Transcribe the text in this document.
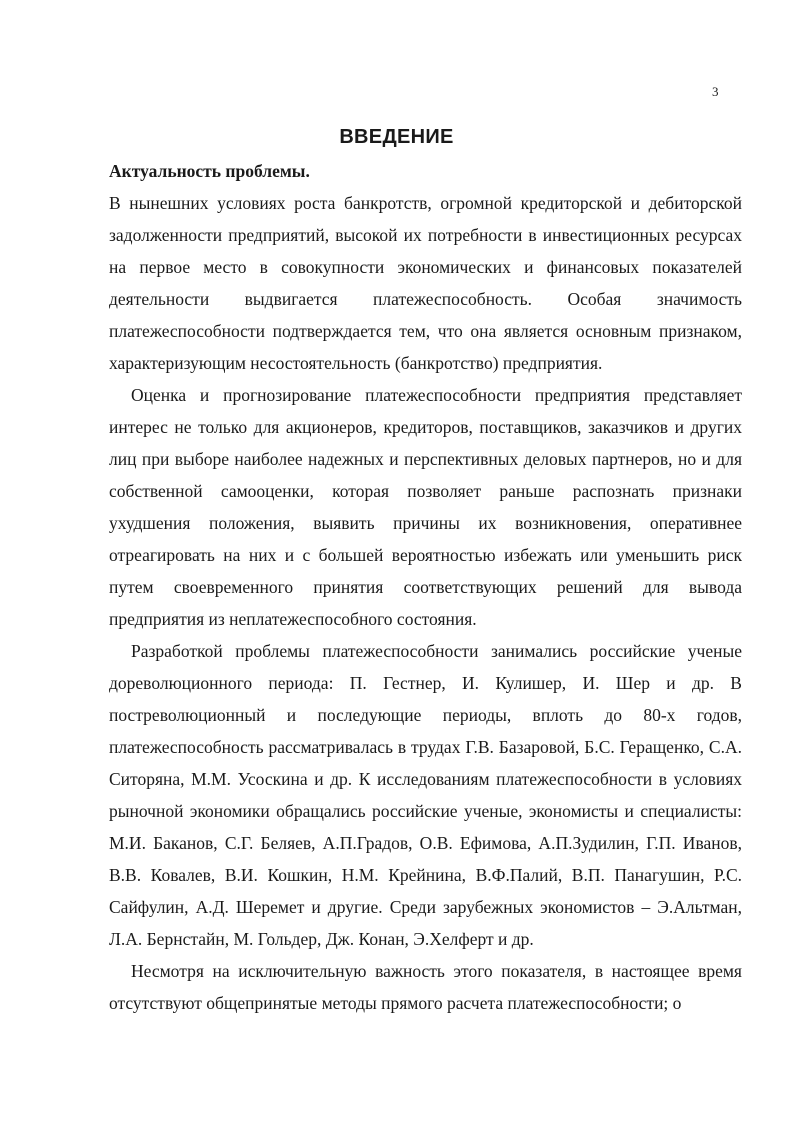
3
ВВЕДЕНИЕ

Актуальность проблемы.

В нынешних условиях роста банкротств, огромной кредиторской и дебиторской задолженности предприятий, высокой их потребности в инвестиционных ресурсах на первое место в совокупности экономических и финансовых показателей деятельности выдвигается платежеспособность. Особая значимость платежеспособности подтверждается тем, что она является основным признаком, характеризующим несостоятельность (банкротство) предприятия.

Оценка и прогнозирование платежеспособности предприятия представляет интерес не только для акционеров, кредиторов, поставщиков, заказчиков и других лиц при выборе наиболее надежных и перспективных деловых партнеров, но и для собственной самооценки, которая позволяет раньше распознать признаки ухудшения положения, выявить причины их возникновения, оперативнее отреагировать на них и с большей вероятностью избежать или уменьшить риск путем своевременного принятия соответствующих решений для вывода предприятия из неплатежеспособного состояния.

Разработкой проблемы платежеспособности занимались российские ученые дореволюционного периода: П. Гестнер, И. Кулишер, И. Шер и др. В постреволюционный и последующие периоды, вплоть до 80-х годов, платежеспособность рассматривалась в трудах Г.В. Базаровой, Б.С. Геращенко, С.А. Ситоряна, М.М. Усоскина и др. К исследованиям платежеспособности в условиях рыночной экономики обращались российские ученые, экономисты и специалисты: М.И. Баканов, С.Г. Беляев, А.П.Градов, О.В. Ефимова, А.П.Зудилин, Г.П. Иванов, В.В. Ковалев, В.И. Кошкин, Н.М. Крейнина, В.Ф.Палий, В.П. Панагушин, Р.С. Сайфулин, А.Д. Шеремет и другие. Среди зарубежных экономистов – Э.Альтман, Л.А. Бернстайн, М. Гольдер, Дж. Конан, Э.Хелферт и др.

Несмотря на исключительную важность этого показателя, в настоящее время отсутствуют общепринятые методы прямого расчета платежеспособности; о
